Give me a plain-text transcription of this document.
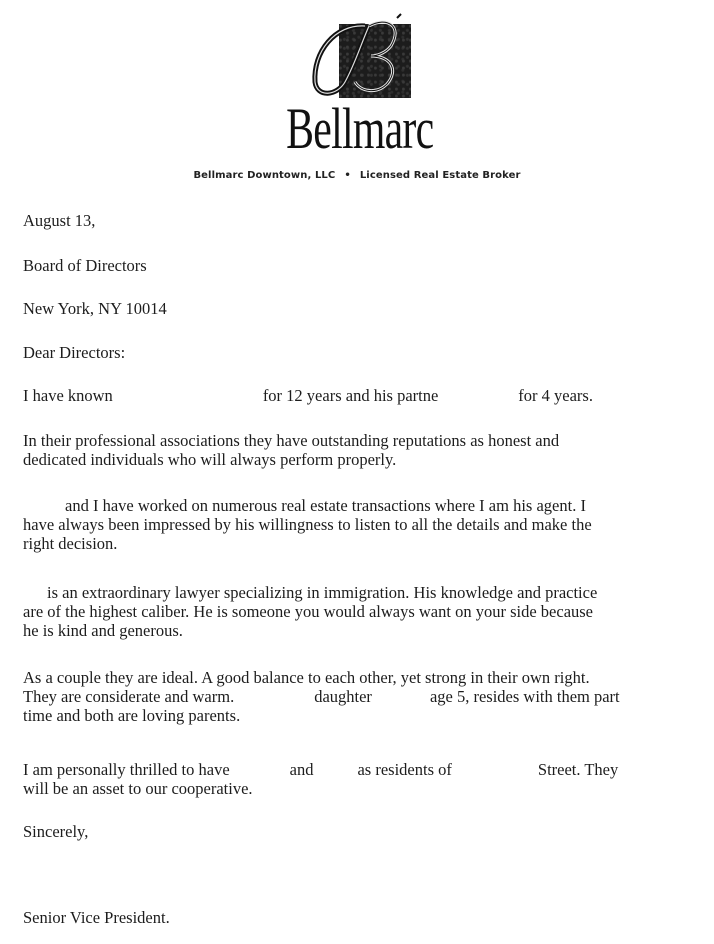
Bellmarc
Bellmarc Downtown, LLC • Licensed Real Estate Broker
August 13,
Board of Directors
New York, NY 10014
Dear Directors:

I have known	for 12 years and his partne	for 4 years.

In their professional associations they have outstanding reputations as honest and

dedicated individuals who will always perform properly.

and I have worked on numerous real estate transactions where I am his agent. I

have always been impressed by his willingness to listen to all the details and make the

right decision.

is an extraordinary lawyer specializing in immigration. His knowledge and practice

are of the highest caliber. He is someone you would always want on your side because

he is kind and generous.

As a couple they are ideal. A good balance to each other, yet strong in their own right.

They are considerate and warm.	daughter	age 5, resides with them part

time and both are loving parents.

I am personally thrilled to have	and	as residents of	Street. They

will be an asset to our cooperative.

Sincerely,
Senior Vice President.
